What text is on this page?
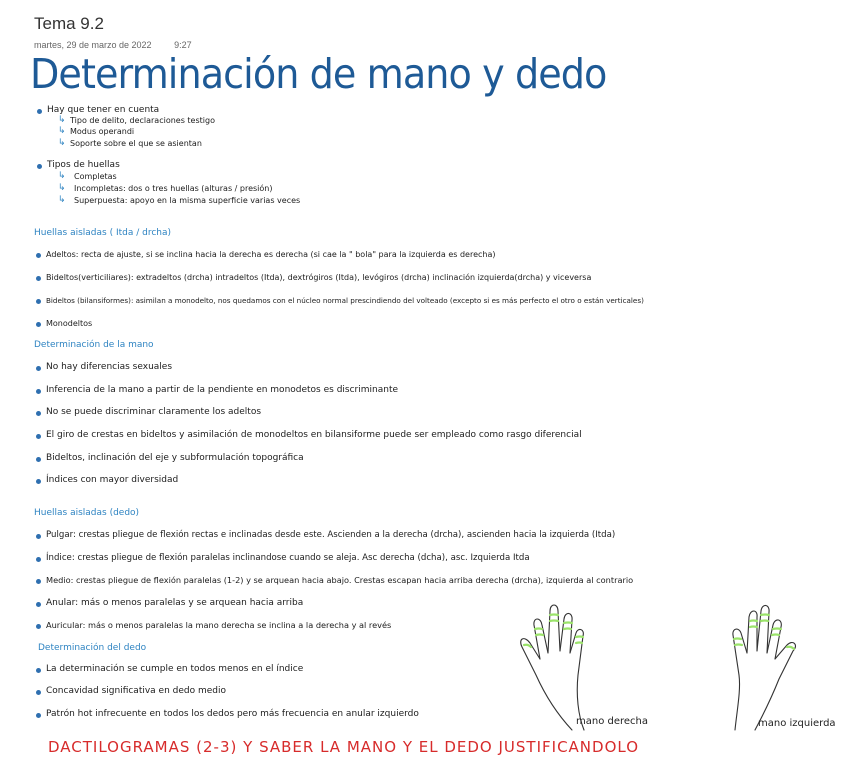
Tema 9.2
martes, 29 de marzo de 2022	9:27
Determinación de mano y dedo
Hay que tener en cuenta
↳ Tipo de delito, declaraciones testigo
↳ Modus operandi
↳ Soporte sobre el que se asientan
Tipos de huellas
↳ Completas
↳ Incompletas: dos o tres huellas (alturas / presión)
↳ Superpuesta: apoyo en la misma superficie varias veces
Huellas aisladas ( Itda / drcha)
Adeltos: recta de ajuste, si se inclina hacia la derecha es derecha (si cae la " bola" para la izquierda es derecha)
Bideltos(verticiliares): extradeltos (drcha) intradeltos (Itda), dextrógiros (Itda), levógiros (drcha) inclinación izquierda(drcha) y viceversa
Bideltos (bilansiformes): asimilan a monodelto, nos quedamos con el núcleo normal prescindiendo del volteado (excepto si es más perfecto el otro o están verticales)
Monodeltos
Determinación de la mano
No hay diferencias sexuales
Inferencia de la mano a partir de la pendiente en monodetos es discriminante
No se puede discriminar claramente los adeltos
El giro de crestas en bideltos y asimilación de monodeltos en bilansiforme puede ser empleado como rasgo diferencial
Bideltos, inclinación del eje y subformulación topográfica
Índices con mayor diversidad
Huellas aisladas (dedo)
Pulgar: crestas pliegue de flexión rectas e inclinadas desde este. Ascienden a la derecha (drcha), ascienden hacia la izquierda (Itda)
Índice: crestas pliegue de flexión paralelas inclinandose cuando se aleja. Asc derecha (dcha), asc. Izquierda Itda
Medio: crestas pliegue de flexión paralelas (1-2) y se arquean hacia abajo. Crestas escapan hacia arriba derecha (drcha), izquierda al contrario
Anular: más o menos paralelas y se arquean hacia arriba
Auricular: más o menos paralelas la mano derecha se inclina a la derecha y al revés
Determinación del dedo
La determinación se cumple en todos menos en el índice
Concavidad significativa en dedo medio
Patrón hot infrecuente en todos los dedos pero más frecuencia en anular izquierdo
mano derecha	mano izquierda
DACTILOGRAMAS (2-3) Y SABER LA MANO Y EL DEDO JUSTIFICANDOLO
